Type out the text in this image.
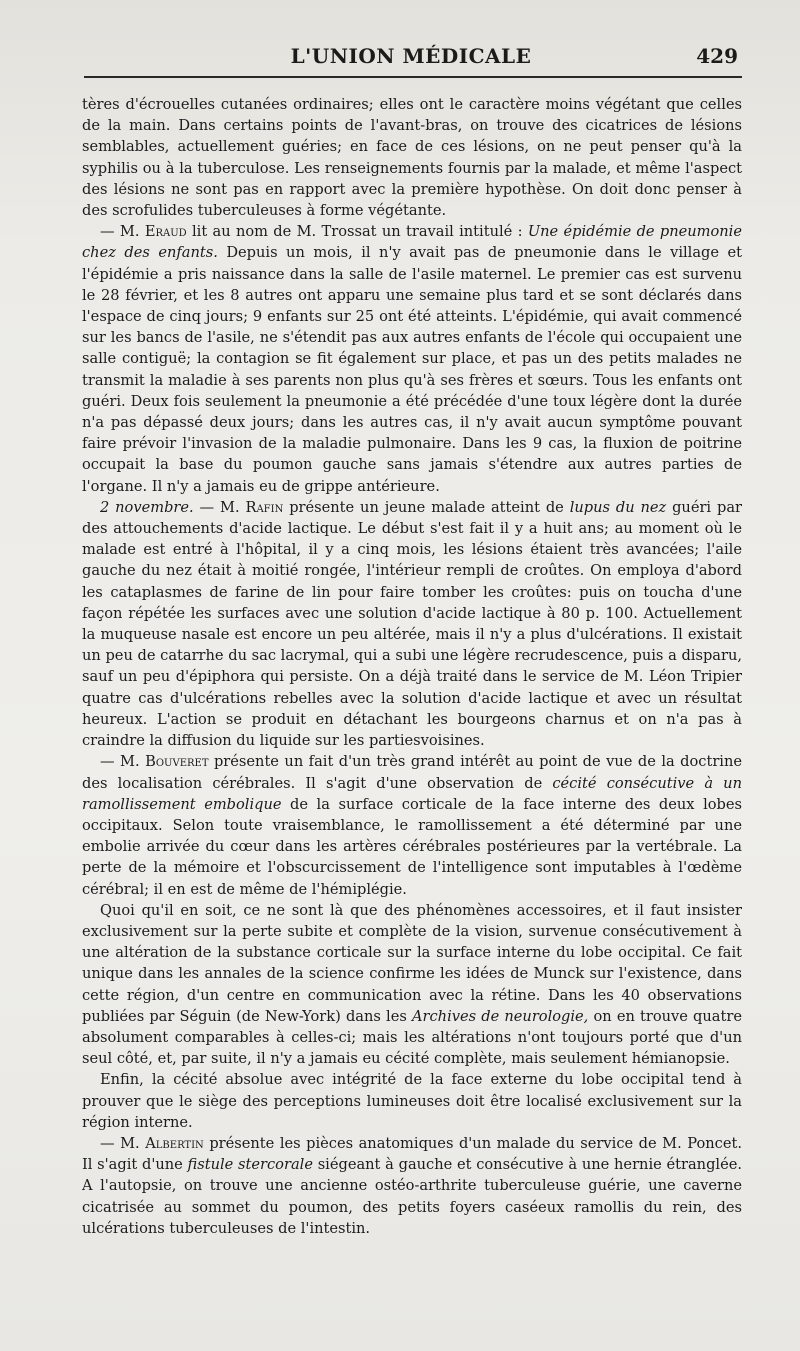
L'UNION MÉDICALE	429

tères d'écrouelles cutanées ordinaires; elles ont le caractère moins végétant que celles de la main. Dans certains points de l'avant-bras, on trouve des cicatrices de lésions semblables, actuellement guéries; en face de ces lésions, on ne peut penser qu'à la syphilis ou à la tuberculose. Les renseignements fournis par la malade, et même l'aspect des lésions ne sont pas en rapport avec la première hypothèse. On doit donc penser à des scrofulides tuberculeuses à forme végétante.

— M. Eraud lit au nom de M. Trossat un travail intitulé : Une épidémie de pneumonie chez des enfants. Depuis un mois, il n'y avait pas de pneumonie dans le village et l'épidémie a pris naissance dans la salle de l'asile maternel. Le premier cas est survenu le 28 février, et les 8 autres ont apparu une semaine plus tard et se sont déclarés dans l'espace de cinq jours; 9 enfants sur 25 ont été atteints. L'épidémie, qui avait commencé sur les bancs de l'asile, ne s'étendit pas aux autres enfants de l'école qui occupaient une salle contiguë; la contagion se fit également sur place, et pas un des petits malades ne transmit la maladie à ses parents non plus qu'à ses frères et sœurs. Tous les enfants ont guéri. Deux fois seulement la pneumonie a été précédée d'une toux légère dont la durée n'a pas dépassé deux jours; dans les autres cas, il n'y avait aucun symptôme pouvant faire prévoir l'invasion de la maladie pulmonaire. Dans les 9 cas, la fluxion de poitrine occupait la base du poumon gauche sans jamais s'étendre aux autres parties de l'organe. Il n'y a jamais eu de grippe antérieure.

2 novembre. — M. Rafin présente un jeune malade atteint de lupus du nez guéri par des attouchements d'acide lactique. Le début s'est fait il y a huit ans; au moment où le malade est entré à l'hôpital, il y a cinq mois, les lésions étaient très avancées; l'aile gauche du nez était à moitié rongée, l'intérieur rempli de croûtes. On employa d'abord les cataplasmes de farine de lin pour faire tomber les croûtes: puis on toucha d'une façon répétée les surfaces avec une solution d'acide lactique à 80 p. 100. Actuellement la muqueuse nasale est encore un peu altérée, mais il n'y a plus d'ulcérations. Il existait un peu de catarrhe du sac lacrymal, qui a subi une légère recrudescence, puis a disparu, sauf un peu d'épiphora qui persiste. On a déjà traité dans le service de M. Léon Tripier quatre cas d'ulcérations rebelles avec la solution d'acide lactique et avec un résultat heureux. L'action se produit en détachant les bourgeons charnus et on n'a pas à craindre la diffusion du liquide sur les partiesvoisines.

— M. Bouveret présente un fait d'un très grand intérêt au point de vue de la doctrine des localisation cérébrales. Il s'agit d'une observation de cécité consécutive à un ramollissement embolique de la surface corticale de la face interne des deux lobes occipitaux. Selon toute vraisemblance, le ramollissement a été déterminé par une embolie arrivée du cœur dans les artères cérébrales postérieures par la vertébrale. La perte de la mémoire et l'obscurcissement de l'intelligence sont imputables à l'œdème cérébral; il en est de même de l'hémiplégie.

Quoi qu'il en soit, ce ne sont là que des phénomènes accessoires, et il faut insister exclusivement sur la perte subite et complète de la vision, survenue consécutivement à une altération de la substance corticale sur la surface interne du lobe occipital. Ce fait unique dans les annales de la science confirme les idées de Munck sur l'existence, dans cette région, d'un centre en communication avec la rétine. Dans les 40 observations publiées par Séguin (de New-York) dans les Archives de neurologie, on en trouve quatre absolument comparables à celles-ci; mais les altérations n'ont toujours porté que d'un seul côté, et, par suite, il n'y a jamais eu cécité complète, mais seulement hémianopsie.

Enfin, la cécité absolue avec intégrité de la face externe du lobe occipital tend à prouver que le siège des perceptions lumineuses doit être localisé exclusivement sur la région interne.

— M. Albertin présente les pièces anatomiques d'un malade du service de M. Poncet. Il s'agit d'une fistule stercorale siégeant à gauche et consécutive à une hernie étranglée. A l'autopsie, on trouve une ancienne ostéo-arthrite tuberculeuse guérie, une caverne cicatrisée au sommet du poumon, des petits foyers caséeux ramollis du rein, des ulcérations tuberculeuses de l'intestin.
